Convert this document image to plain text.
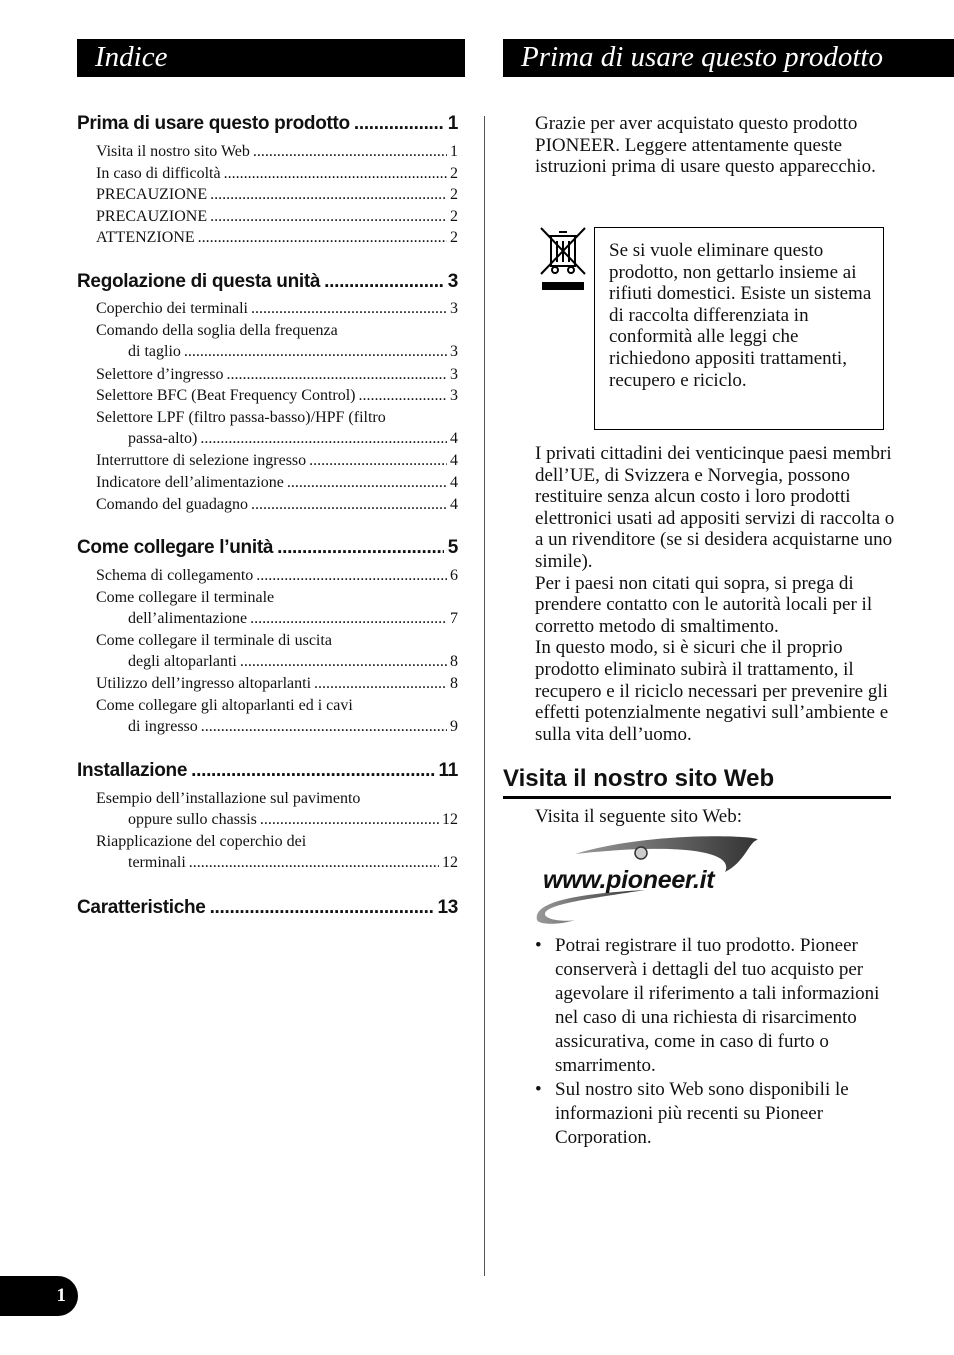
Indice	Prima di usare questo prodotto
Prima di usare questo prodotto .....	1
Visita il nostro sito Web .....	1
In caso di difficoltà .....	2
PRECAUZIONE .....	2
PRECAUZIONE .....	2
ATTENZIONE .....	2
Regolazione di questa unità .....	3
Coperchio dei terminali .....	3
Comando della soglia della frequenza
di taglio .....	3
Selettore d’ingresso .....	3
Selettore BFC (Beat Frequency Control) .....	3
Selettore LPF (filtro passa-basso)/HPF (filtro
passa-alto) .....	4
Interruttore di selezione ingresso .....	4
Indicatore dell’alimentazione .....	4
Comando del guadagno .....	4
Come collegare l’unità .....	5
Schema di collegamento .....	6
Come collegare il terminale
dell’alimentazione .....	7
Come collegare il terminale di uscita
degli altoparlanti .....	8
Utilizzo dell’ingresso altoparlanti .....	8
Come collegare gli altoparlanti ed i cavi
di ingresso .....	9
Installazione .....	11
Esempio dell’installazione sul pavimento
oppure sullo chassis .....	12
Riapplicazione del coperchio dei
terminali .....	12
Caratteristiche .....	13
Grazie per aver acquistato questo prodotto PIONEER. Leggere attentamente queste istruzioni prima di usare questo apparecchio.
Se si vuole eliminare questo prodotto, non gettarlo insieme ai rifiuti domestici. Esiste un sistema di raccolta differenziata in conformità alle leggi che richiedono appositi trattamenti, recupero e riciclo.
I privati cittadini dei venticinque paesi membri dell’UE, di Svizzera e Norvegia, possono restituire senza alcun costo i loro prodotti elettronici usati ad appositi servizi di raccolta o a un rivenditore (se si desidera acquistarne uno simile).
Per i paesi non citati qui sopra, si prega di prendere contatto con le autorità locali per il corretto metodo di smaltimento.
In questo modo, si è sicuri che il proprio prodotto eliminato subirà il trattamento, il recupero e il riciclo necessari per prevenire gli effetti potenzialmente negativi sull’ambiente e sulla vita dell’uomo.
Visita il nostro sito Web
Visita il seguente sito Web:
www.pioneer.it
• Potrai registrare il tuo prodotto. Pioneer conserverà i dettagli del tuo acquisto per agevolare il riferimento a tali informazioni nel caso di una richiesta di risarcimento assicurativa, come in caso di furto o smarrimento.
• Sul nostro sito Web sono disponibili le informazioni più recenti su Pioneer Corporation.
1
